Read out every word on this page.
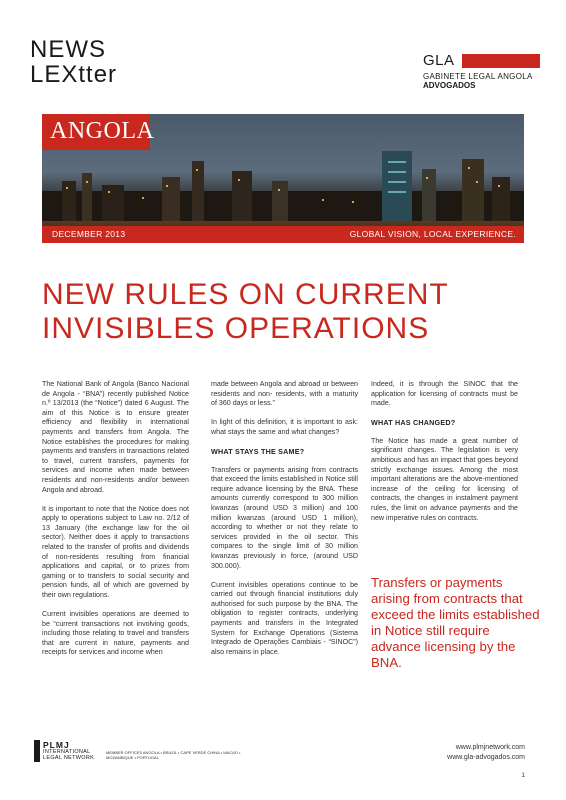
NEWS
LEXtter
GLA
GABINETE LEGAL ANGOLA
ADVOGADOS
ANGOLA
DECEMBER 2013	GLOBAL VISION, LOCAL EXPERIENCE.
NEW RULES ON CURRENT
INVISIBLES OPERATIONS

The National Bank of Angola (Banco Nacional de Angola - “BNA”) recently published Notice n.º 13/2013 (the “Notice”) dated 6 August. The aim of this Notice is to ensure greater efficiency and flexibility in international payments and transfers from Angola. The Notice establishes the procedures for making payments and transfers in transactions related to travel, current transfers, payments for services and income when made between residents and non-residents and/or between Angola and abroad.

It is important to note that the Notice does not apply to operations subject to Law no. 2/12 of 13 January (the exchange law for the oil sector). Neither does it apply to transactions related to the transfer of profits and dividends of non-residents resulting from financial applications and capital, or to prizes from gaming or to transfers to social security and pension funds, all of which are governed by their own regulations.

Current invisibles operations are deemed to be “current transactions not involving goods, including those relating to travel and transfers that are current in nature, payments and receipts for services and income when

made between Angola and abroad or between residents and non- residents, with a maturity of 360 days or less.”

In light of this definition, it is important to ask: what stays the same and what changes?

WHAT STAYS THE SAME?

Transfers or payments arising from contracts that exceed the limits established in Notice still require advance licensing by the BNA. These amounts currently correspond to 300 million kwanzas (around USD 3 million) and 100 million kwanzas (around USD 1 million), according to whether or not they relate to services provided in the oil sector. This compares to the single limit of 30 million kwanzas previously in force, (around USD 300.000).

Current invisibles operations continue to be carried out through financial institutions duly authorised for such purpose by the BNA. The obligation to register contracts, underlying payments and transfers in the Integrated System for Exchange Operations (Sistema Integrado de Operações Cambiais - “SINOC”) also remains in place.

Indeed, it is through the SINOC that the application for licensing of contracts must be made.

WHAT HAS CHANGED?

The Notice has made a great number of significant changes. The legislation is very ambitious and has an impact that goes beyond strictly exchange issues. Among the most important alterations are the above-mentioned increase of the ceiling for licensing of contracts, the changes in instalment payment rules, the limit on advance payments and the new imperative rules on contracts.

Transfers or payments arising from contracts that exceed the limits established in Notice still require advance licensing by the BNA.
PLMJ
INTERNATIONAL
LEGAL NETWORK
MEMBER OFFICES ANGOLA • BRAZIL • CAPE VERDE CHINA • MACAO • MOZAMBIQUE • PORTUGAL
www.plmjnetwork.com
www.gla-advogados.com
1
